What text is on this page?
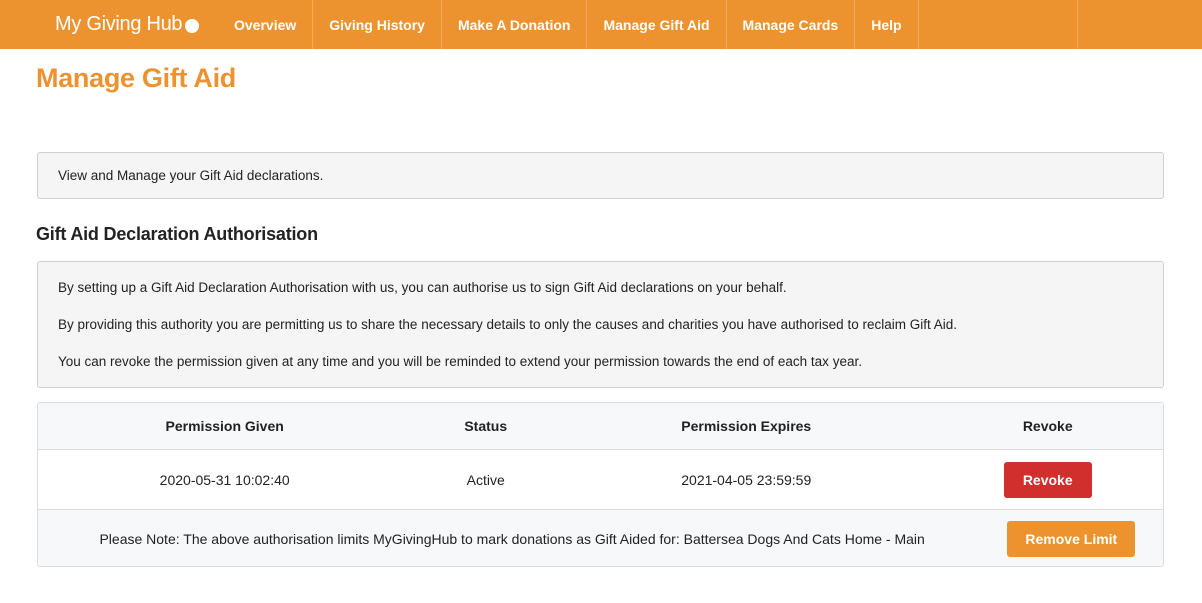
My Giving Hub	Overview	Giving History	Make A Donation	Manage Gift Aid	Manage Cards	Help
Manage Gift Aid
View and Manage your Gift Aid declarations.
Gift Aid Declaration Authorisation

By setting up a Gift Aid Declaration Authorisation with us, you can authorise us to sign Gift Aid declarations on your behalf.

By providing this authority you are permitting us to share the necessary details to only the causes and charities you have authorised to reclaim Gift Aid.

You can revoke the permission given at any time and you will be reminded to extend your permission towards the end of each tax year.

Permission Given	Status	Permission Expires	Revoke
2020-05-31 10:02:40	Active	2021-04-05 23:59:59	Revoke
Please Note: The above authorisation limits MyGivingHub to mark donations as Gift Aided for: Battersea Dogs And Cats Home - Main	Remove Limit
